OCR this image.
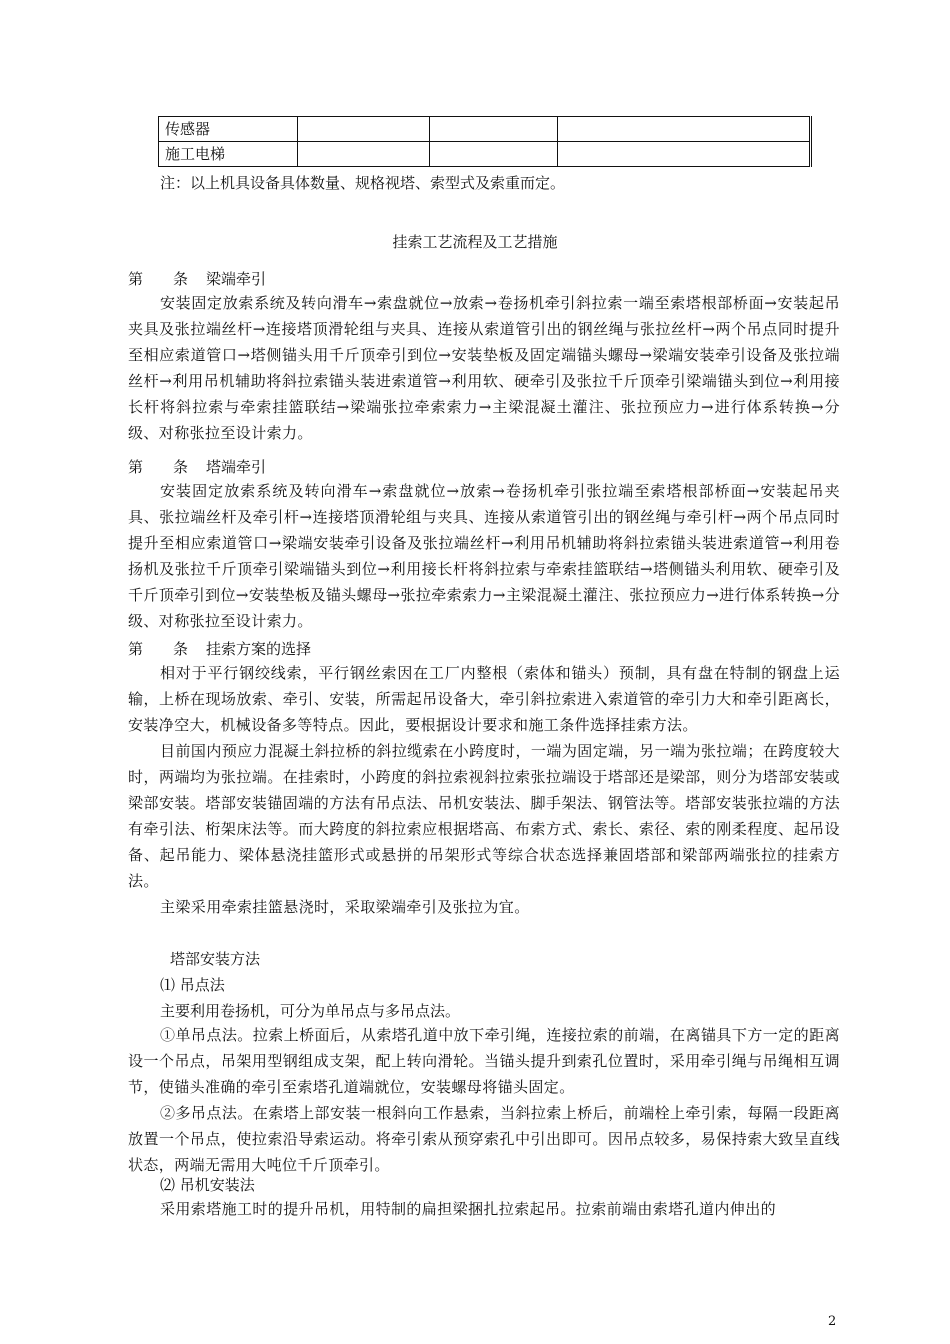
传感器			
施工电梯			
注：以上机具设备具体数量、规格视塔、索型式及索重而定。
挂索工艺流程及工艺措施
第　　条 梁端牵引

安装固定放索系统及转向滑车→索盘就位→放索→卷扬机牵引斜拉索一端至索塔根部桥面→安装起吊夹具及张拉端丝杆→连接塔顶滑轮组与夹具、连接从索道管引出的钢丝绳与张拉丝杆→两个吊点同时提升至相应索道管口→塔侧锚头用千斤顶牵引到位→安装垫板及固定端锚头螺母→梁端安装牵引设备及张拉端丝杆→利用吊机辅助将斜拉索锚头装进索道管→利用软、硬牵引及张拉千斤顶牵引梁端锚头到位→利用接长杆将斜拉索与牵索挂篮联结→梁端张拉牵索索力→主梁混凝土灌注、张拉预应力→进行体系转换→分级、对称张拉至设计索力。

第　　条 塔端牵引

安装固定放索系统及转向滑车→索盘就位→放索→卷扬机牵引张拉端至索塔根部桥面→安装起吊夹具、张拉端丝杆及牵引杆→连接塔顶滑轮组与夹具、连接从索道管引出的钢丝绳与牵引杆→两个吊点同时提升至相应索道管口→梁端安装牵引设备及张拉端丝杆→利用吊机辅助将斜拉索锚头装进索道管→利用卷扬机及张拉千斤顶牵引梁端锚头到位→利用接长杆将斜拉索与牵索挂篮联结→塔侧锚头利用软、硬牵引及千斤顶牵引到位→安装垫板及锚头螺母→张拉牵索索力→主梁混凝土灌注、张拉预应力→进行体系转换→分级、对称张拉至设计索力。

第　　条 挂索方案的选择

相对于平行钢绞线索，平行钢丝索因在工厂内整根（索体和锚头）预制，具有盘在特制的钢盘上运输，上桥在现场放索、牵引、安装，所需起吊设备大，牵引斜拉索进入索道管的牵引力大和牵引距离长，安装净空大，机械设备多等特点。因此，要根据设计要求和施工条件选择挂索方法。

目前国内预应力混凝土斜拉桥的斜拉缆索在小跨度时，一端为固定端，另一端为张拉端；在跨度较大时，两端均为张拉端。在挂索时，小跨度的斜拉索视斜拉索张拉端设于塔部还是梁部，则分为塔部安装或梁部安装。塔部安装锚固端的方法有吊点法、吊机安装法、脚手架法、钢管法等。塔部安装张拉端的方法有牵引法、桁架床法等。而大跨度的斜拉索应根据塔高、布索方式、索长、索径、索的刚柔程度、起吊设备、起吊能力、梁体悬浇挂篮形式或悬拼的吊架形式等综合状态选择兼固塔部和梁部两端张拉的挂索方法。

主梁采用牵索挂篮悬浇时，采取梁端牵引及张拉为宜。

塔部安装方法
⑴ 吊点法
主要利用卷扬机，可分为单吊点与多吊点法。

①单吊点法。拉索上桥面后，从索塔孔道中放下牵引绳，连接拉索的前端，在离锚具下方一定的距离设一个吊点，吊架用型钢组成支架，配上转向滑轮。当锚头提升到索孔位置时，采用牵引绳与吊绳相互调节，使锚头准确的牵引至索塔孔道端就位，安装螺母将锚头固定。

②多吊点法。在索塔上部安装一根斜向工作悬索，当斜拉索上桥后，前端栓上牵引索，每隔一段距离放置一个吊点，使拉索沿导索运动。将牵引索从预穿索孔中引出即可。因吊点较多，易保持索大致呈直线状态，两端无需用大吨位千斤顶牵引。

⑵ 吊机安装法

采用索塔施工时的提升吊机，用特制的扁担梁捆扎拉索起吊。拉索前端由索塔孔道内伸出的

2
